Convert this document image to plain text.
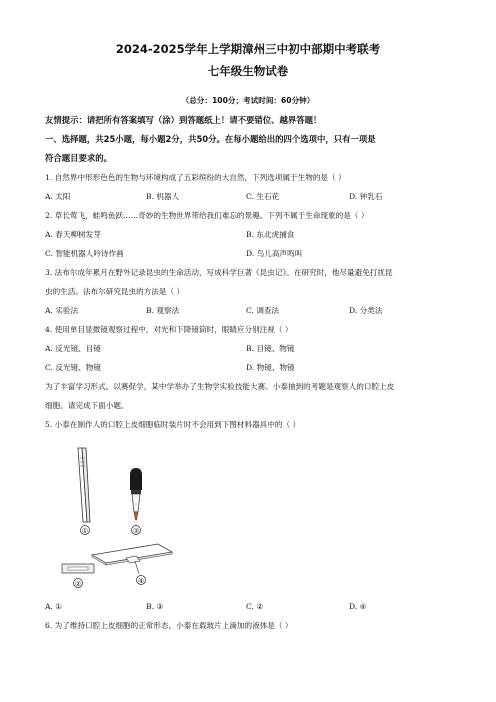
2024-2025学年上学期漳州三中初中部期中考联考
七年级生物试卷
（总分：100分；考试时间：60分钟）
友情提示：请把所有答案填写（涂）到答题纸上！请不要错位、越界答题！
一、选择题，共25小题，每小题2分，共50分。在每小题给出的四个选项中，只有一项是
符合题目要求的。
1. 自然界中形形色色的生物与环境构成了五彩缤纷的大自然，下列选项属于生物的是（ ）
A. 太阳	B. 机器人	C. 生石花	D. 钟乳石
2. 草长莺飞，蛙鸣鱼跃……奇妙的生物世界带给我们难忘的景趣。下列不属于生命现象的是（ ）
A. 春天柳树发芽	B. 东北虎捕食
C. 智能机器人吟诗作画	D. 鸟儿高声鸣叫
3. 法布尔成年累月在野外记录昆虫的生命活动，写成科学巨著《昆虫记》。在研究时，他尽量避免打扰昆
虫的生活。法布尔研究昆虫的方法是（ ）
A. 实验法	B. 观察法	C. 调查法	D. 分类法
4. 使用单目显微镜观察过程中，对光和下降镜筒时，眼睛应分别注视（ ）
A. 反光镜、目镜	B. 目镜、物镜
C. 反光镜、物镜	D. 物镜、物镜
为了丰富学习形式，以赛促学，某中学举办了生物学实验技能大赛。小泰抽到的考题是观察人的口腔上皮
细胞。请完成下面小题。
5. 小泰在制作人的口腔上皮细胞临时装片时不会用到下图材料器具中的（ ）
①	③
②	④
A. ①	B. ③	C. ②	D. ④
6. 为了维持口腔上皮细胞的正常形态，小泰在载玻片上滴加的液体是（ ）
